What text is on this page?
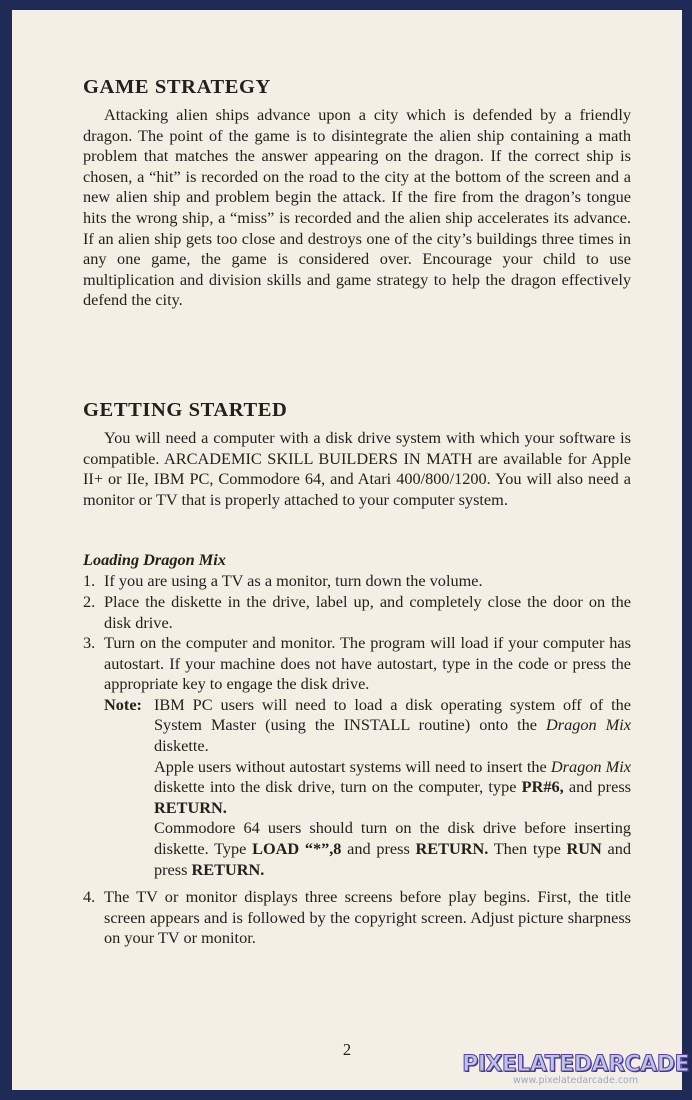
GAME STRATEGY

Attacking alien ships advance upon a city which is defended by a friendly dragon. The point of the game is to disintegrate the alien ship containing a math problem that matches the answer appearing on the dragon. If the correct ship is chosen, a “hit” is recorded on the road to the city at the bottom of the screen and a new alien ship and problem begin the attack. If the fire from the dragon’s tongue hits the wrong ship, a “miss” is recorded and the alien ship accelerates its advance. If an alien ship gets too close and destroys one of the city’s buildings three times in any one game, the game is considered over. Encourage your child to use multiplication and division skills and game strategy to help the dragon effectively defend the city.

GETTING STARTED

You will need a computer with a disk drive system with which your software is compatible. ARCADEMIC SKILL BUILDERS IN MATH are available for Apple II+ or IIe, IBM PC, Commodore 64, and Atari 400/800/1200. You will also need a monitor or TV that is properly attached to your computer system.

Loading Dragon Mix
1. If you are using a TV as a monitor, turn down the volume.
2. Place the diskette in the drive, label up, and completely close the door on the disk drive.
3. Turn on the computer and monitor. The program will load if your computer has autostart. If your machine does not have autostart, type in the code or press the appropriate key to engage the disk drive.
Note: IBM PC users will need to load a disk operating system off of the System Master (using the INSTALL routine) onto the Dragon Mix diskette.
Apple users without autostart systems will need to insert the Dragon Mix diskette into the disk drive, turn on the computer, type PR#6, and press RETURN.
Commodore 64 users should turn on the disk drive before inserting diskette. Type LOAD “*”,8 and press RETURN. Then type RUN and press RETURN.
4. The TV or monitor displays three screens before play begins. First, the title screen appears and is followed by the copyright screen. Adjust picture sharpness on your TV or monitor.
2
PIXELATEDARCADE
www.pixelatedarcade.com
